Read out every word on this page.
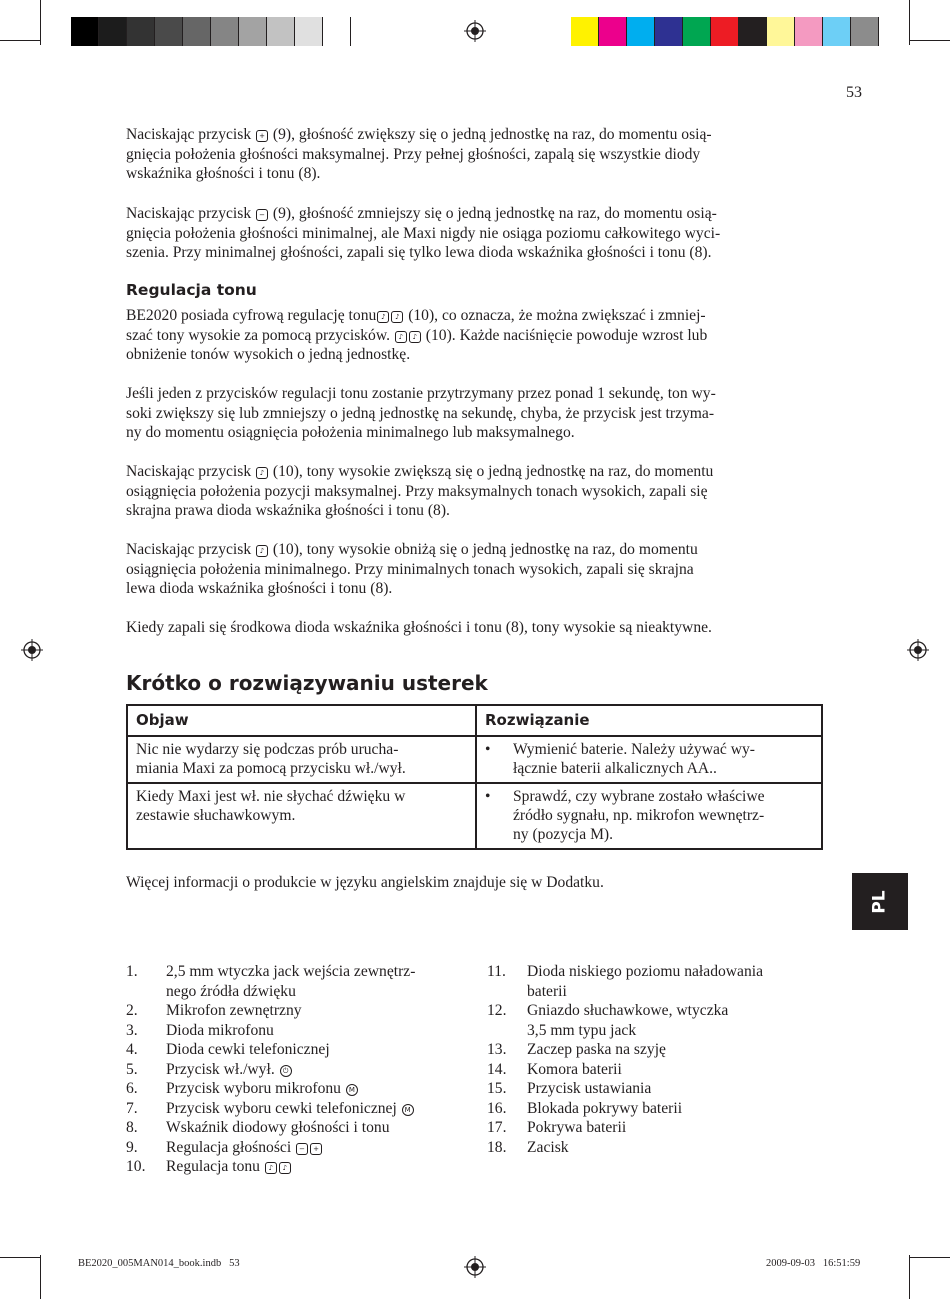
53

Naciskając przycisk + (9), głośność zwiększy się o jedną jednostkę na raz, do momentu osią-
gnięcia położenia głośności maksymalnej. Przy pełnej głośności, zapalą się wszystkie diody
wskaźnika głośności i tonu (8).

Naciskając przycisk − (9), głośność zmniejszy się o jedną jednostkę na raz, do momentu osią-
gnięcia położenia głośności minimalnej, ale Maxi nigdy nie osiąga poziomu całkowitego wyci-
szenia. Przy minimalnej głośności, zapali się tylko lewa dioda wskaźnika głośności i tonu (8).

Regulacja tonu

BE2020 posiada cyfrową regulację tonu ♪ ♪ (10), co oznacza, że można zwiększać i zmniej-
szać tony wysokie za pomocą przycisków. ♪ ♪ (10). Każde naciśnięcie powoduje wzrost lub
obniżenie tonów wysokich o jedną jednostkę.

Jeśli jeden z przycisków regulacji tonu zostanie przytrzymany przez ponad 1 sekundę, ton wy-
soki zwiększy się lub zmniejszy o jedną jednostkę na sekundę, chyba, że przycisk jest trzyma-
ny do momentu osiągnięcia położenia minimalnego lub maksymalnego.

Naciskając przycisk ♪ (10), tony wysokie zwiększą się o jedną jednostkę na raz, do momentu
osiągnięcia położenia pozycji maksymalnej. Przy maksymalnych tonach wysokich, zapali się
skrajna prawa dioda wskaźnika głośności i tonu (8).

Naciskając przycisk ♪ (10), tony wysokie obniżą się o jedną jednostkę na raz, do momentu
osiągnięcia położenia minimalnego. Przy minimalnych tonach wysokich, zapali się skrajna
lewa dioda wskaźnika głośności i tonu (8).

Kiedy zapali się środkowa dioda wskaźnika głośności i tonu (8), tony wysokie są nieaktywne.

Krótko o rozwiązywaniu usterek
Objaw	Rozwiązanie
Nic nie wydarzy się podczas prób urucha-
miania Maxi za pomocą przycisku wł./wył.	• Wymienić baterie. Należy używać wy-
łącznie baterii alkalicznych AA..

Kiedy Maxi jest wł. nie słychać dźwięku w
zestawie słuchawkowym.	• Sprawdź, czy wybrane zostało właściwe
źródło sygnału, np. mikrofon wewnętrz-
ny (pozycja M).

Więcej informacji o produkcie w języku angielskim znajduje się w Dodatku.

PL
1.	2,5 mm wtyczka jack wejścia zewnętrz-
nego źródła dźwięku
2.	Mikrofon zewnętrzny
3.	Dioda mikrofonu
4.	Dioda cewki telefonicznej
5.	Przycisk wł./wył. ⏻
6.	Przycisk wyboru mikrofonu M
7.	Przycisk wyboru cewki telefonicznej M
8.	Wskaźnik diodowy głośności i tonu
9.	Regulacja głośności − +
10.	Regulacja tonu ♪ ♪
11.	Dioda niskiego poziomu naładowania
baterii
12.	Gniazdo słuchawkowe, wtyczka
3,5 mm typu jack
13.	Zaczep paska na szyję
14.	Komora baterii
15.	Przycisk ustawiania
16.	Blokada pokrywy baterii
17.	Pokrywa baterii
18.	Zacisk
BE2020_005MAN014_book.indb   53	2009-09-03   16:51:59
